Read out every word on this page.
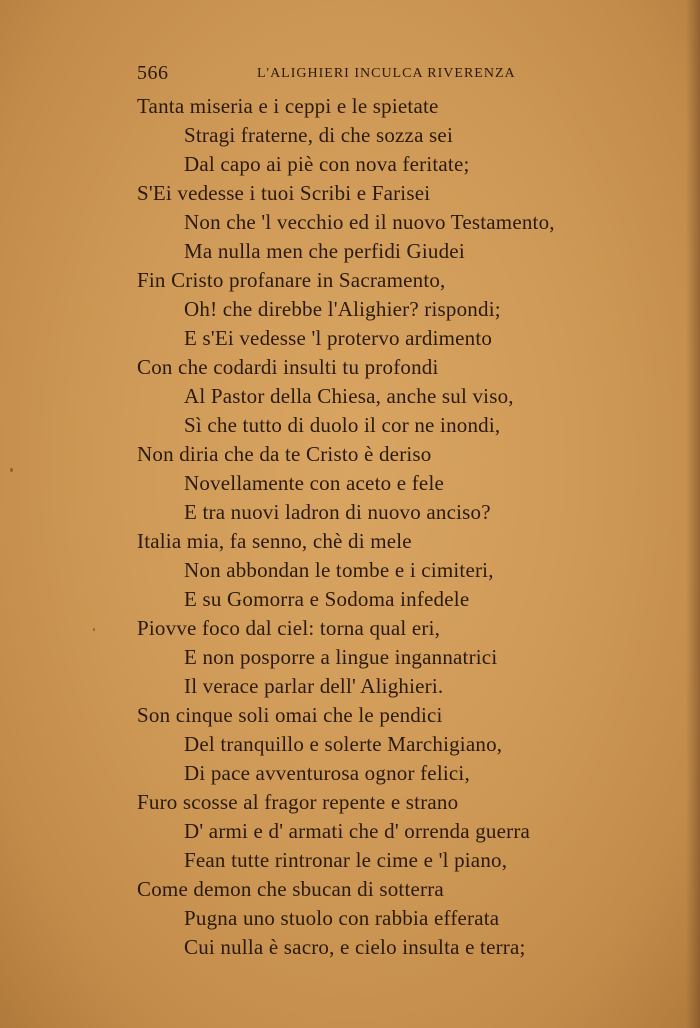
566	L'ALIGHIERI INCULCA RIVERENZA
Tanta miseria e i ceppi e le spietate
Stragi fraterne, di che sozza sei
Dal capo ai piè con nova feritate;
S'Ei vedesse i tuoi Scribi e Farisei
Non che 'l vecchio ed il nuovo Testamento,
Ma nulla men che perfidi Giudei
Fin Cristo profanare in Sacramento,
Oh! che direbbe l'Alighier? rispondi;
E s'Ei vedesse 'l protervo ardimento
Con che codardi insulti tu profondi
Al Pastor della Chiesa, anche sul viso,
Sì che tutto di duolo il cor ne inondi,
Non diria che da te Cristo è deriso
Novellamente con aceto e fele
E tra nuovi ladron di nuovo anciso?
Italia mia, fa senno, chè di mele
Non abbondan le tombe e i cimiteri,
E su Gomorra e Sodoma infedele
Piovve foco dal ciel: torna qual eri,
E non posporre a lingue ingannatrici
Il verace parlar dell' Alighieri.
Son cinque soli omai che le pendici
Del tranquillo e solerte Marchigiano,
Di pace avventurosa ognor felici,
Furo scosse al fragor repente e strano
D' armi e d' armati che d' orrenda guerra
Fean tutte rintronar le cime e 'l piano,
Come demon che sbucan di sotterra
Pugna uno stuolo con rabbia efferata
Cui nulla è sacro, e cielo insulta e terra;
